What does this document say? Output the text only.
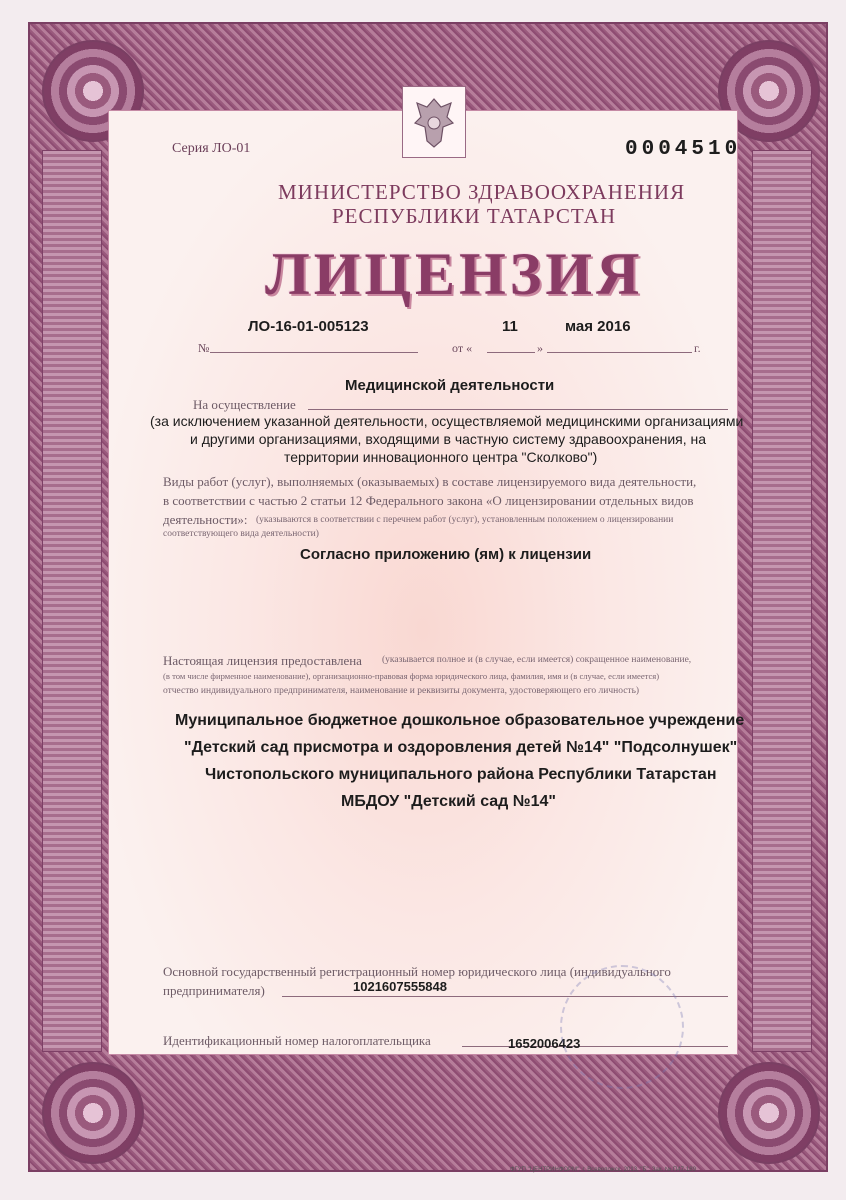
Серия ЛО-01	0004510
МИНИСТЕРСТВО ЗДРАВООХРАНЕНИЯ
РЕСПУБЛИКИ ТАТАРСТАН
ЛИЦЕНЗИЯ
№
ЛО-16-01-005123
от «
11
»
мая 2016
г.
Медицинской деятельности
На осуществление
(за исключением указанной деятельности, осуществляемой медицинскими организациями
и другими организациями, входящими в частную систему здравоохранения, на
территории инновационного центра "Сколково")
Виды работ (услуг), выполняемых (оказываемых) в составе лицензируемого вида деятельности,
в соответствии с частью 2 статьи 12 Федерального закона «О лицензировании отдельных видов
деятельности»: (указываются в соответствии с перечнем работ (услуг), установленным положением о лицензировании
соответствующего вида деятельности)
Согласно приложению (ям) к лицензии
Настоящая лицензия предоставлена (указывается полное и (в случае, если имеется) сокращенное наименование,
(в том числе фирменное наименование), организационно-правовая форма юридического лица, фамилия, имя и (в случае, если имеется)
отчество индивидуального предпринимателя, наименование и реквизиты документа, удостоверяющего его личность)
Муниципальное бюджетное дошкольное образовательное учреждение
"Детский сад присмотра и оздоровления детей №14" "Подсолнушек"
Чистопольского муниципального района Республики Татарстан
МБДОУ "Детский сад №14"
Основной государственный регистрационный номер юридического лица (индивидуального
предпринимателя)	1021607555848
Идентификационный номер налогоплательщика	1652006423
ФГУП "ЦЕНТРИНФОРМ", г. Всеволожск, 2013, "Б". Зак. № П47-189
